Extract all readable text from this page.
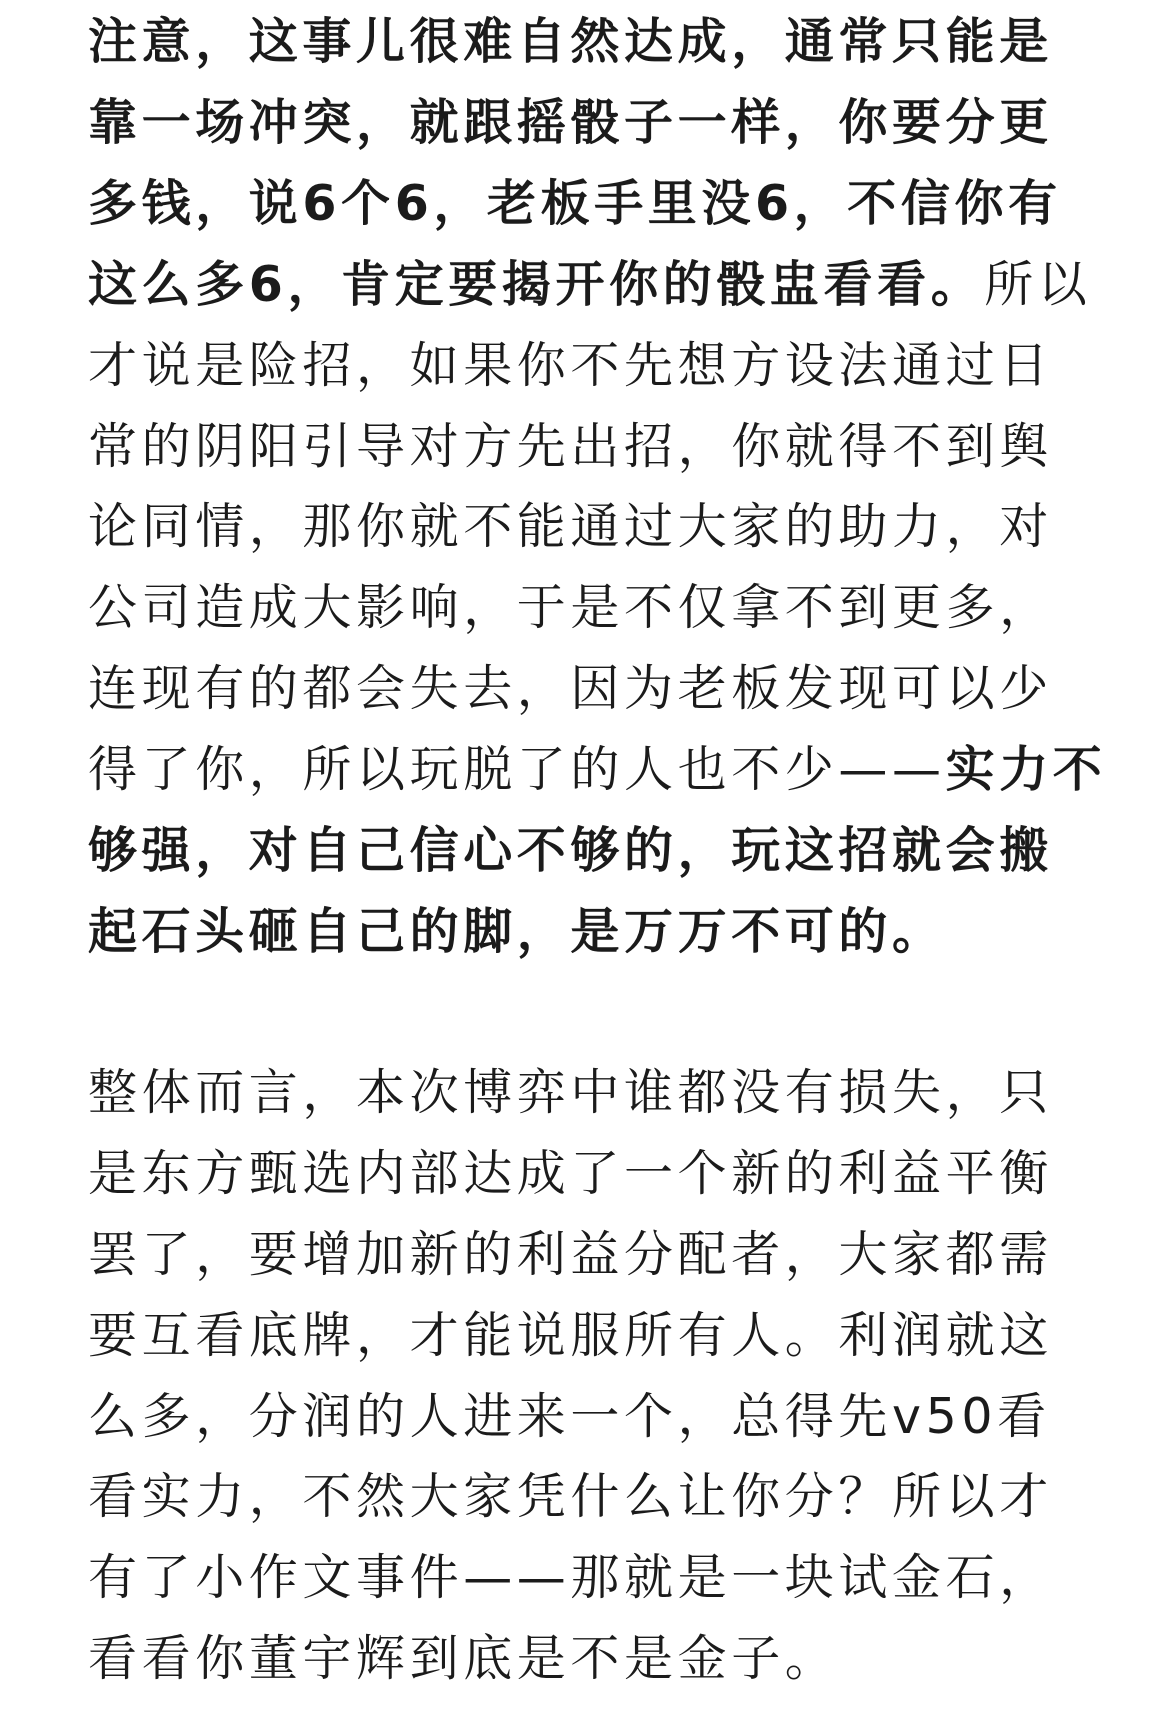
注意，这事儿很难自然达成，通常只能是
靠一场冲突，就跟摇骰子一样，你要分更
多钱，说6个6，老板手里没6，不信你有
这么多6，肯定要揭开你的骰盅看看。所以
才说是险招，如果你不先想方设法通过日
常的阴阳引导对方先出招，你就得不到舆
论同情，那你就不能通过大家的助力，对
公司造成大影响，于是不仅拿不到更多，
连现有的都会失去，因为老板发现可以少
得了你，所以玩脱了的人也不少——实力不
够强，对自己信心不够的，玩这招就会搬
起石头砸自己的脚，是万万不可的。

整体而言，本次博弈中谁都没有损失，只
是东方甄选内部达成了一个新的利益平衡
罢了，要增加新的利益分配者，大家都需
要互看底牌，才能说服所有人。利润就这
么多，分润的人进来一个，总得先v50看
看实力，不然大家凭什么让你分？所以才
有了小作文事件——那就是一块试金石，
看看你董宇辉到底是不是金子。
